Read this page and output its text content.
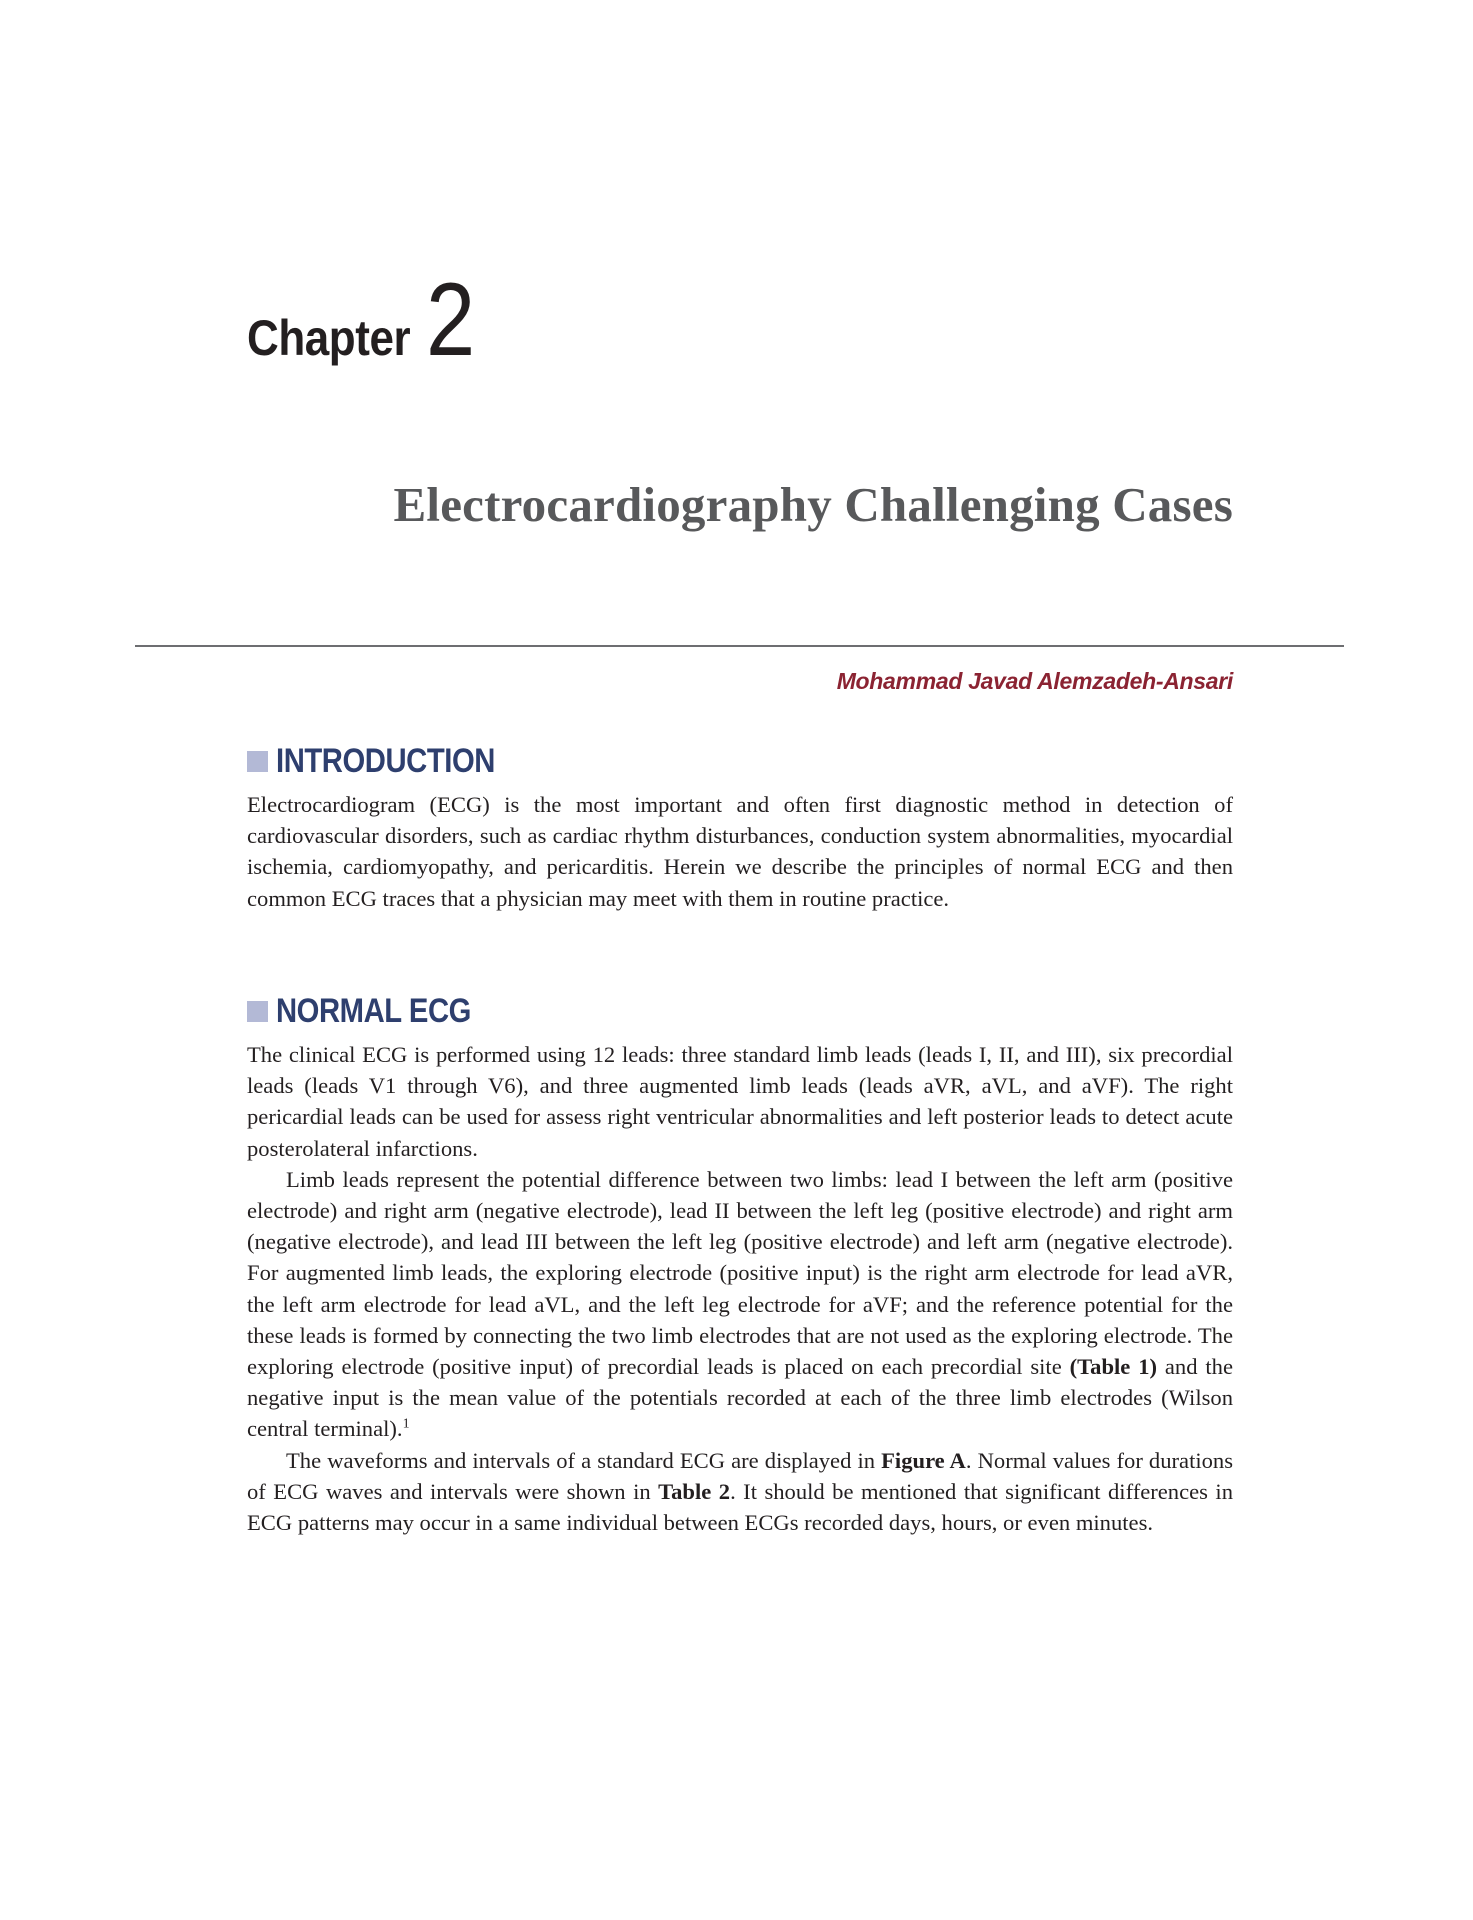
Chapter 2
Electrocardiography Challenging Cases
Mohammad Javad Alemzadeh-Ansari
INTRODUCTION

Electrocardiogram (ECG) is the most important and often first diagnostic method in detection of cardiovascular disorders, such as cardiac rhythm disturbances, conduction system abnormalities, myocardial ischemia, cardiomyopathy, and pericarditis. Herein we describe the principles of normal ECG and then common ECG traces that a physician may meet with them in routine practice.

NORMAL ECG

The clinical ECG is performed using 12 leads: three standard limb leads (leads I, II, and III), six precordial leads (leads V1 through V6), and three augmented limb leads (leads aVR, aVL, and aVF). The right pericardial leads can be used for assess right ventricular abnormalities and left posterior leads to detect acute posterolateral infarctions.

Limb leads represent the potential difference between two limbs: lead I between the left arm (positive electrode) and right arm (negative electrode), lead II between the left leg (positive electrode) and right arm (negative electrode), and lead III between the left leg (positive electrode) and left arm (negative electrode). For augmented limb leads, the exploring electrode (positive input) is the right arm electrode for lead aVR, the left arm electrode for lead aVL, and the left leg electrode for aVF; and the reference potential for the these leads is formed by connecting the two limb electrodes that are not used as the exploring electrode. The exploring electrode (positive input) of precordial leads is placed on each precordial site (Table 1) and the negative input is the mean value of the potentials recorded at each of the three limb electrodes (Wilson central terminal).$^1$

The waveforms and intervals of a standard ECG are displayed in Figure A. Normal values for durations of ECG waves and intervals were shown in Table 2. It should be mentioned that significant differences in ECG patterns may occur in a same individual between ECGs recorded days, hours, or even minutes.
